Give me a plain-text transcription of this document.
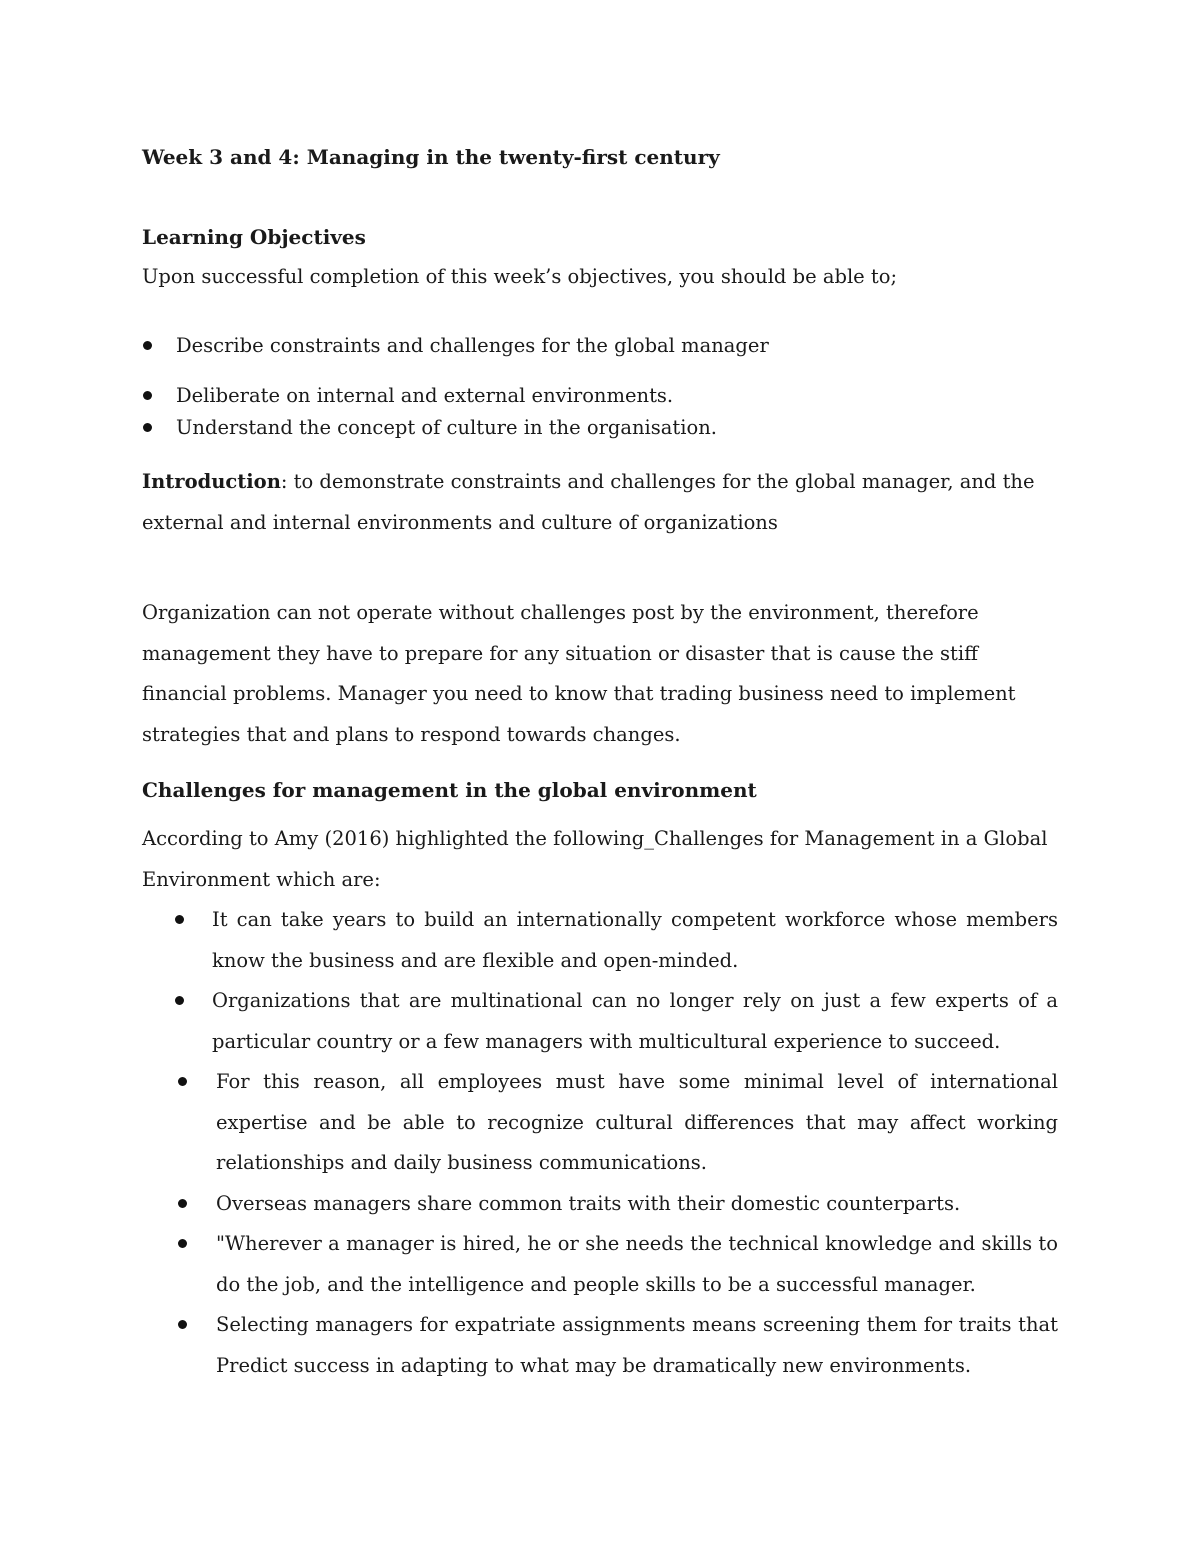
Week 3 and 4: Managing in the twenty-first century

Learning Objectives

Upon successful completion of this week’s objectives, you should be able to;

Describe constraints and challenges for the global manager
Deliberate on internal and external environments.
Understand the concept of culture in the organisation.

Introduction: to demonstrate constraints and challenges for the global manager, and the external and internal environments and culture of organizations

Organization can not operate without challenges post by the environment, therefore management they have to prepare for any situation or disaster that is cause the stiff financial problems. Manager you need to know that trading business need to implement strategies that and plans to respond towards changes.

Challenges for management in the global environment

According to Amy (2016) highlighted the following_Challenges for Management in a Global Environment which are:

It can take years to build an internationally competent workforce whose members know the business and are flexible and open-minded.
Organizations that are multinational can no longer rely on just a few experts of a particular country or a few managers with multicultural experience to succeed.
For this reason, all employees must have some minimal level of international expertise and be able to recognize cultural differences that may affect working relationships and daily business communications.
Overseas managers share common traits with their domestic counterparts.
"Wherever a manager is hired, he or she needs the technical knowledge and skills to do the job, and the intelligence and people skills to be a successful manager.
Selecting managers for expatriate assignments means screening them for traits that Predict success in adapting to what may be dramatically new environments.
